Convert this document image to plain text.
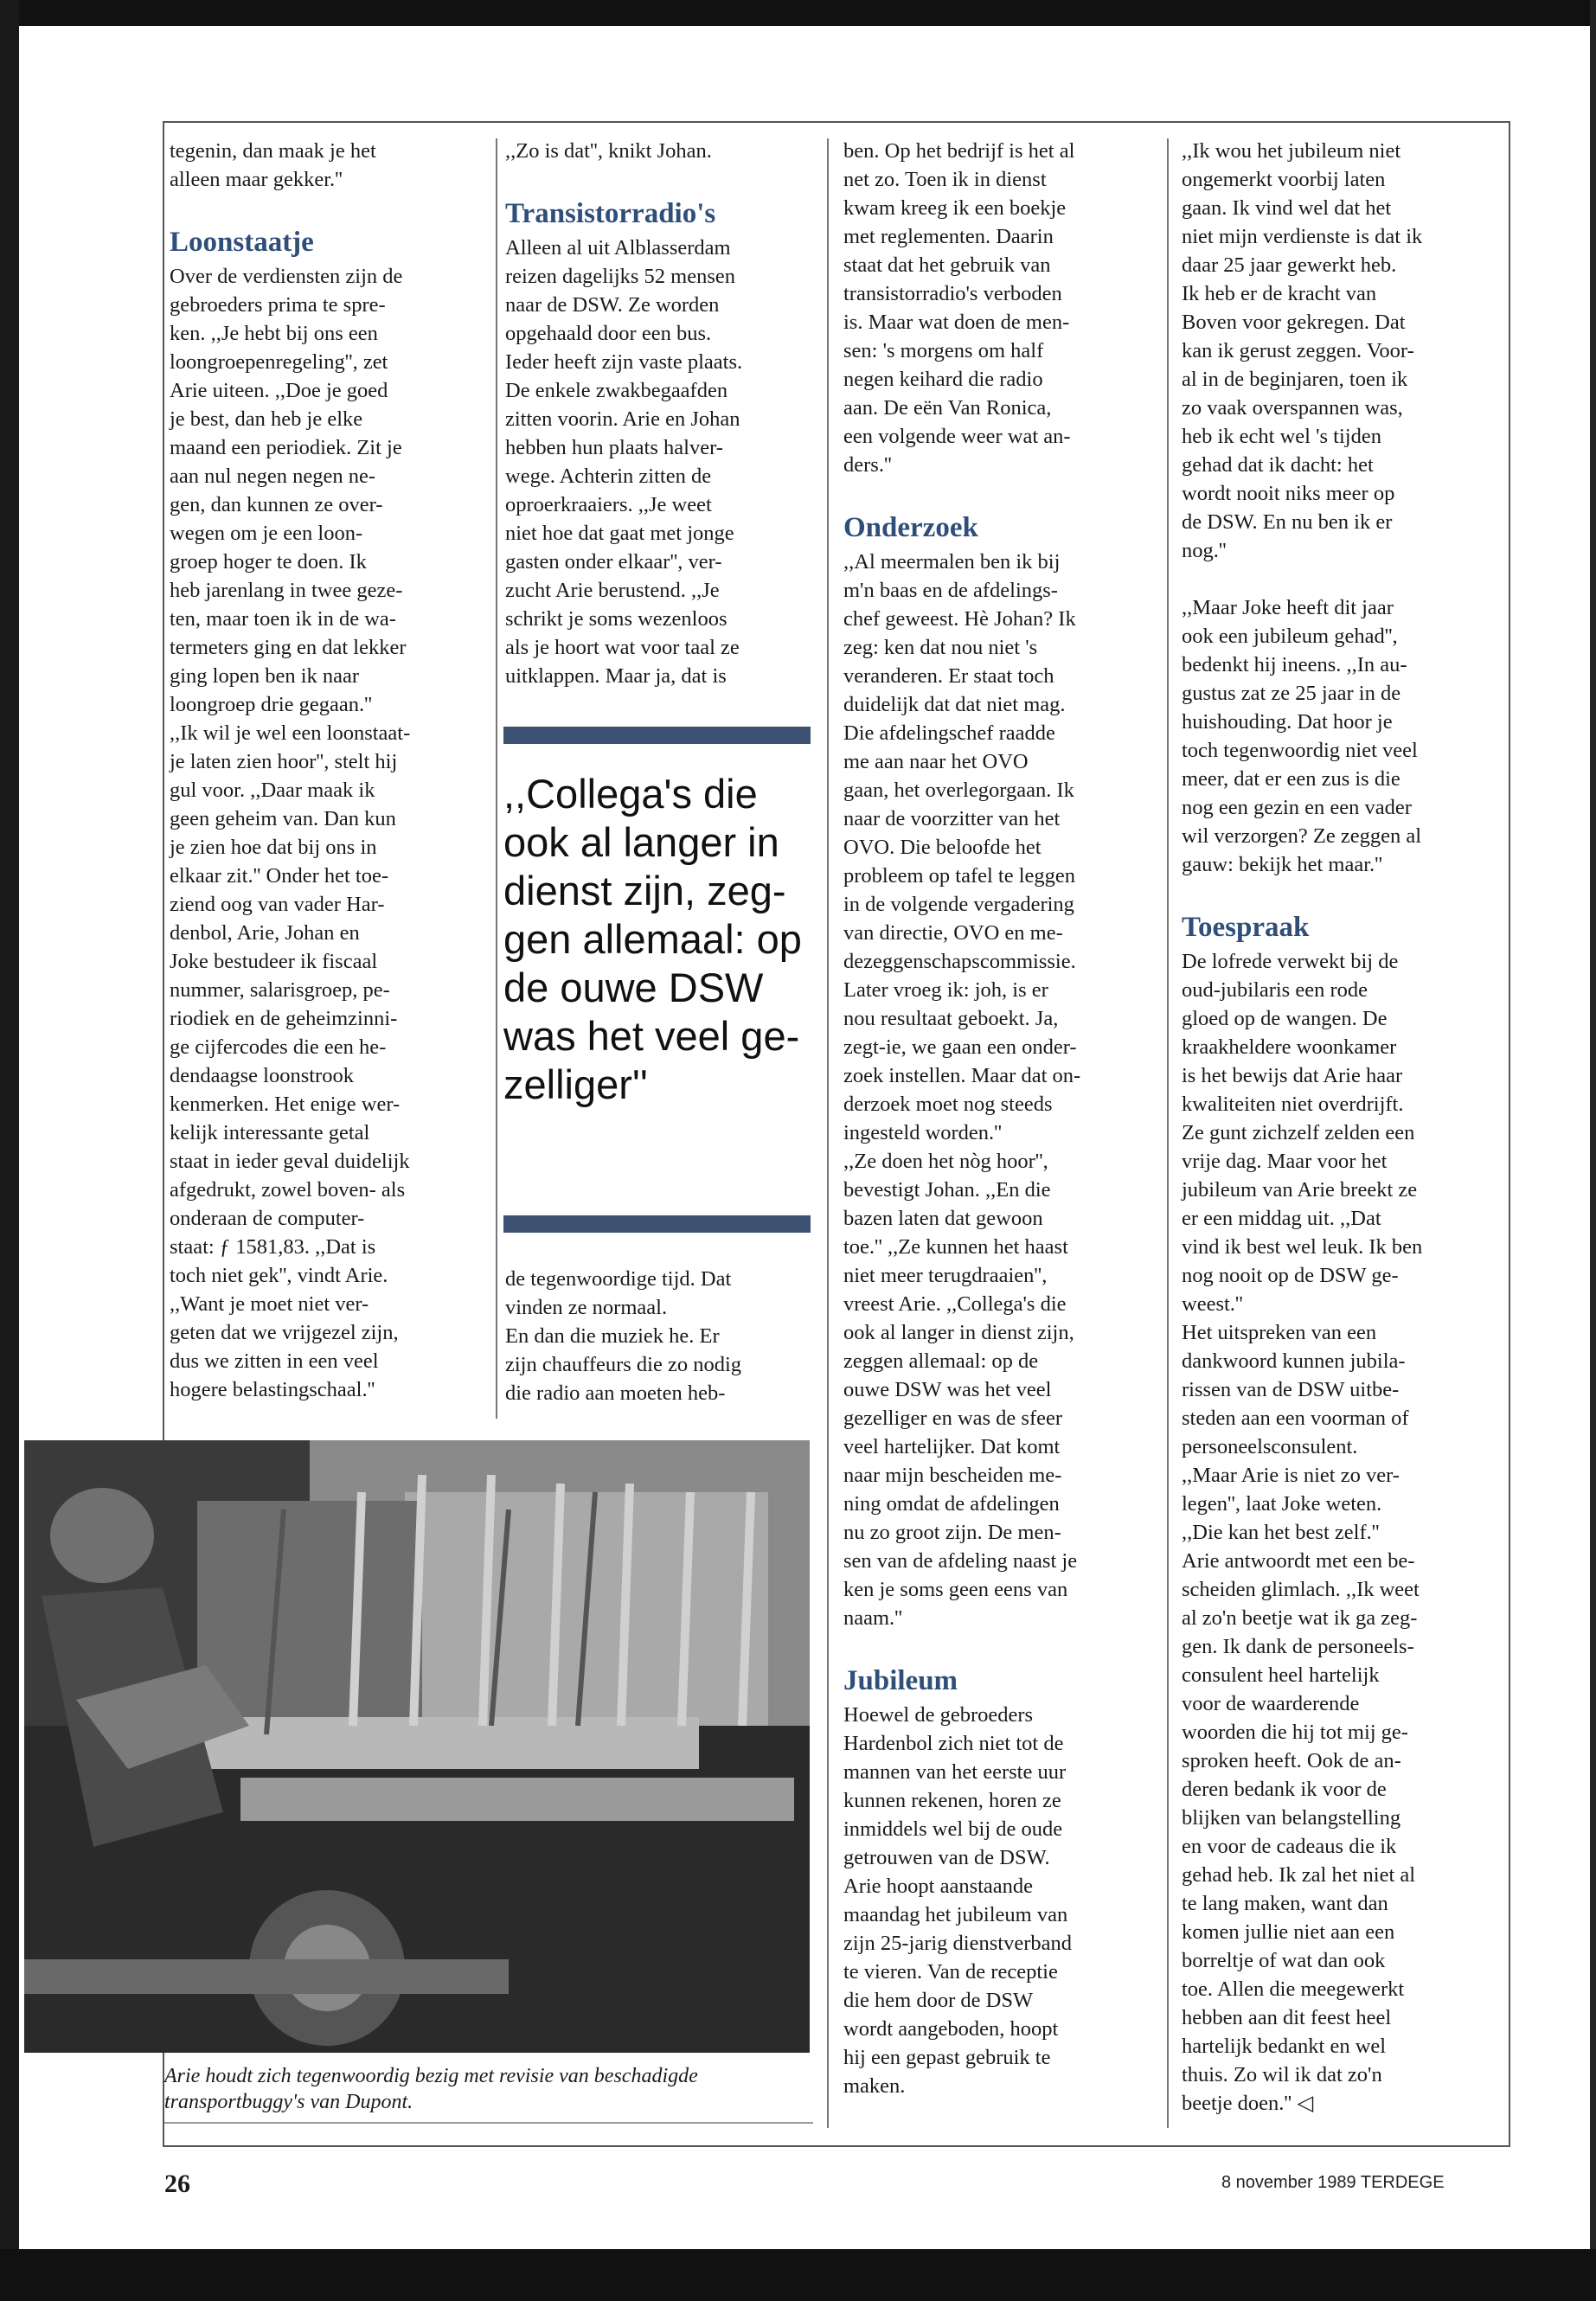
tegenin, dan maak je het
alleen maar gekker.''

Loonstaatje

Over de verdiensten zijn de
gebroeders prima te spre-
ken. ,,Je hebt bij ons een
loongroepenregeling'', zet
Arie uiteen. ,,Doe je goed
je best, dan heb je elke
maand een periodiek. Zit je
aan nul negen negen ne-
gen, dan kunnen ze over-
wegen om je een loon-
groep hoger te doen. Ik
heb jarenlang in twee geze-
ten, maar toen ik in de wa-
termeters ging en dat lekker
ging lopen ben ik naar
loongroep drie gegaan.''

,,Ik wil je wel een loonstaat-
je laten zien hoor'', stelt hij
gul voor. ,,Daar maak ik
geen geheim van. Dan kun
je zien hoe dat bij ons in
elkaar zit.'' Onder het toe-
ziend oog van vader Har-
denbol, Arie, Johan en
Joke bestudeer ik fiscaal
nummer, salarisgroep, pe-
riodiek en de geheimzinni-
ge cijfercodes die een he-
dendaagse loonstrook
kenmerken. Het enige wer-
kelijk interessante getal
staat in ieder geval duidelijk
afgedrukt, zowel boven- als
onderaan de computer-
staat: ƒ 1581,83. ,,Dat is
toch niet gek'', vindt Arie.
,,Want je moet niet ver-
geten dat we vrijgezel zijn,
dus we zitten in een veel
hogere belastingschaal.''

,,Zo is dat'', knikt Johan.

Transistorradio's

Alleen al uit Alblasserdam
reizen dagelijks 52 mensen
naar de DSW. Ze worden
opgehaald door een bus.
Ieder heeft zijn vaste plaats.
De enkele zwakbegaafden
zitten voorin. Arie en Johan
hebben hun plaats halver-
wege. Achterin zitten de
oproerkraaiers. ,,Je weet
niet hoe dat gaat met jonge
gasten onder elkaar'', ver-
zucht Arie berustend. ,,Je
schrikt je soms wezenloos
als je hoort wat voor taal ze
uitklappen. Maar ja, dat is

,,Collega's die
ook al langer in
dienst zijn, zeg-
gen allemaal: op
de ouwe DSW
was het veel ge-
zelliger''

de tegenwoordige tijd. Dat
vinden ze normaal.
En dan die muziek he. Er
zijn chauffeurs die zo nodig
die radio aan moeten heb-

ben. Op het bedrijf is het al
net zo. Toen ik in dienst
kwam kreeg ik een boekje
met reglementen. Daarin
staat dat het gebruik van
transistorradio's verboden
is. Maar wat doen de men-
sen: 's morgens om half
negen keihard die radio
aan. De eën Van Ronica,
een volgende weer wat an-
ders.''

Onderzoek

,,Al meermalen ben ik bij
m'n baas en de afdelings-
chef geweest. Hè Johan? Ik
zeg: ken dat nou niet 's
veranderen. Er staat toch
duidelijk dat dat niet mag.
Die afdelingschef raadde
me aan naar het OVO
gaan, het overlegorgaan. Ik
naar de voorzitter van het
OVO. Die beloofde het
probleem op tafel te leggen
in de volgende vergadering
van directie, OVO en me-
dezeggenschapscommissie.
Later vroeg ik: joh, is er
nou resultaat geboekt. Ja,
zegt-ie, we gaan een onder-
zoek instellen. Maar dat on-
derzoek moet nog steeds
ingesteld worden.''

,,Ze doen het nòg hoor'',
bevestigt Johan. ,,En die
bazen laten dat gewoon
toe.'' ,,Ze kunnen het haast
niet meer terugdraaien'',
vreest Arie. ,,Collega's die
ook al langer in dienst zijn,
zeggen allemaal: op de
ouwe DSW was het veel
gezelliger en was de sfeer
veel hartelijker. Dat komt
naar mijn bescheiden me-
ning omdat de afdelingen
nu zo groot zijn. De men-
sen van de afdeling naast je
ken je soms geen eens van
naam.''

Jubileum

Hoewel de gebroeders
Hardenbol zich niet tot de
mannen van het eerste uur
kunnen rekenen, horen ze
inmiddels wel bij de oude
getrouwen van de DSW.
Arie hoopt aanstaande
maandag het jubileum van
zijn 25-jarig dienstverband
te vieren. Van de receptie
die hem door de DSW
wordt aangeboden, hoopt
hij een gepast gebruik te
maken.

,,Ik wou het jubileum niet
ongemerkt voorbij laten
gaan. Ik vind wel dat het
niet mijn verdienste is dat ik
daar 25 jaar gewerkt heb.
Ik heb er de kracht van
Boven voor gekregen. Dat
kan ik gerust zeggen. Voor-
al in de beginjaren, toen ik
zo vaak overspannen was,
heb ik echt wel 's tijden
gehad dat ik dacht: het
wordt nooit niks meer op
de DSW. En nu ben ik er
nog.''

,,Maar Joke heeft dit jaar
ook een jubileum gehad'',
bedenkt hij ineens. ,,In au-
gustus zat ze 25 jaar in de
huishouding. Dat hoor je
toch tegenwoordig niet veel
meer, dat er een zus is die
nog een gezin en een vader
wil verzorgen? Ze zeggen al
gauw: bekijk het maar.''

Toespraak

De lofrede verwekt bij de
oud-jubilaris een rode
gloed op de wangen. De
kraakheldere woonkamer
is het bewijs dat Arie haar
kwaliteiten niet overdrijft.
Ze gunt zichzelf zelden een
vrije dag. Maar voor het
jubileum van Arie breekt ze
er een middag uit. ,,Dat
vind ik best wel leuk. Ik ben
nog nooit op de DSW ge-
weest.''
Het uitspreken van een
dankwoord kunnen jubila-
rissen van de DSW uitbe-
steden aan een voorman of
personeelsconsulent.
,,Maar Arie is niet zo ver-
legen'', laat Joke weten.
,,Die kan het best zelf.''
Arie antwoordt met een be-
scheiden glimlach. ,,Ik weet
al zo'n beetje wat ik ga zeg-
gen. Ik dank de personeels-
consulent heel hartelijk
voor de waarderende
woorden die hij tot mij ge-
sproken heeft. Ook de an-
deren bedank ik voor de
blijken van belangstelling
en voor de cadeaus die ik
gehad heb. Ik zal het niet al
te lang maken, want dan
komen jullie niet aan een
borreltje of wat dan ook
toe. Allen die meegewerkt
hebben aan dit feest heel
hartelijk bedankt en wel
thuis. Zo wil ik dat zo'n
beetje doen.'' ◁

Arie houdt zich tegenwoordig bezig met revisie van beschadigde transportbuggy's van Dupont.
26	8 november 1989 TERDEGE
